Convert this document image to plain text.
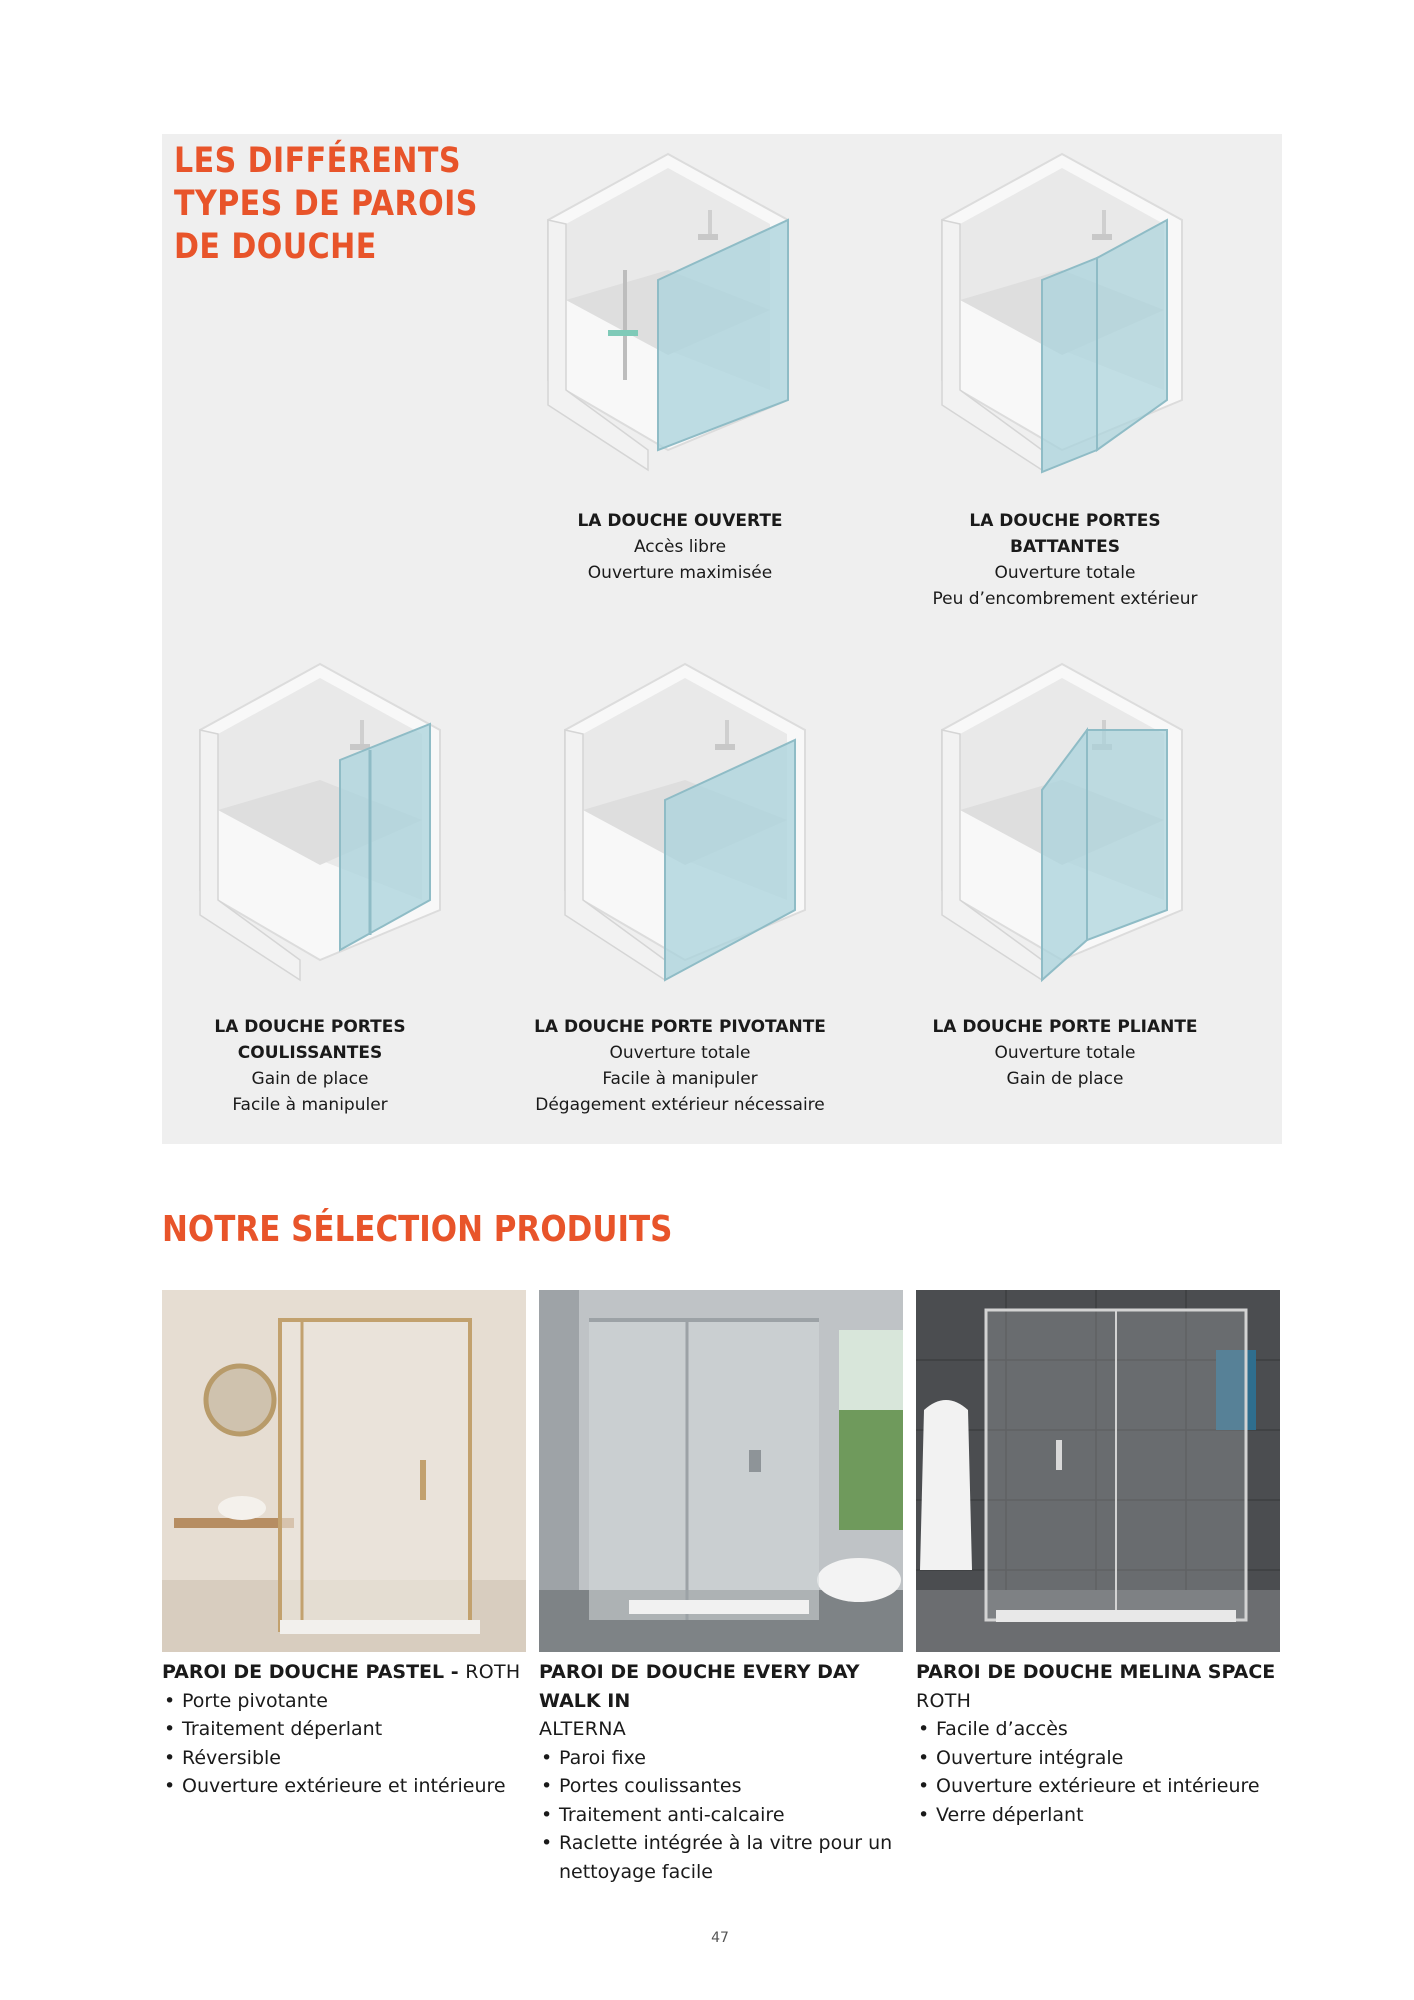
LES DIFFÉRENTS
TYPES DE PAROIS
DE DOUCHE
LA DOUCHE OUVERTE
Accès libre
Ouverture maximisée
LA DOUCHE PORTES
BATTANTES
Ouverture totale
Peu d’encombrement extérieur
LA DOUCHE PORTES
COULISSANTES
Gain de place
Facile à manipuler
LA DOUCHE PORTE PIVOTANTE
Ouverture totale
Facile à manipuler
Dégagement extérieur nécessaire
LA DOUCHE PORTE PLIANTE
Ouverture totale
Gain de place
NOTRE SÉLECTION PRODUITS
PAROI DE DOUCHE PASTEL - ROTH
• Porte pivotante
• Traitement déperlant
• Réversible
• Ouverture extérieure et intérieure
PAROI DE DOUCHE EVERY DAY WALK IN
ALTERNA
• Paroi fixe
• Portes coulissantes
• Traitement anti-calcaire
• Raclette intégrée à la vitre pour un nettoyage facile
PAROI DE DOUCHE MELINA SPACE
ROTH
• Facile d’accès
• Ouverture intégrale
• Ouverture extérieure et intérieure
• Verre déperlant
47
